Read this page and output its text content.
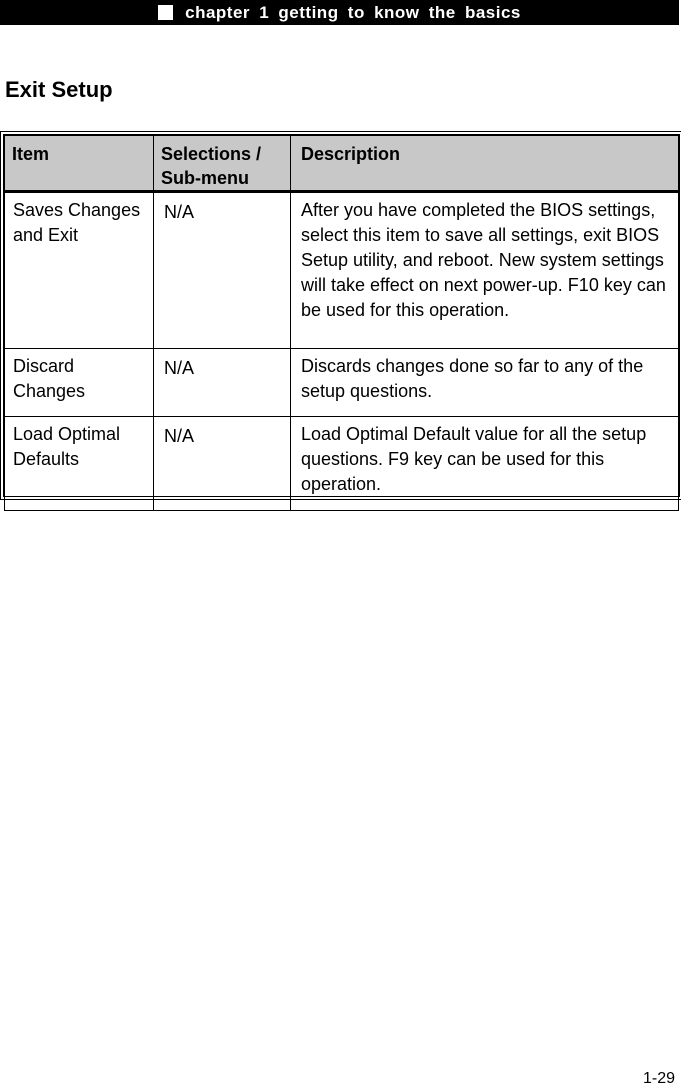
chapter 1 getting to know the basics
Exit Setup
Item	Selections / Sub-menu	Description
Saves Changes and Exit	N/A	After you have completed the BIOS settings, select this item to save all settings, exit BIOS Setup utility, and reboot. New system settings will take effect on next power-up. F10 key can be used for this operation.
Discard Changes	N/A	Discards changes done so far to any of the setup questions.
Load Optimal Defaults	N/A	Load Optimal Default value for all the setup questions. F9 key can be used for this operation.
1-29
